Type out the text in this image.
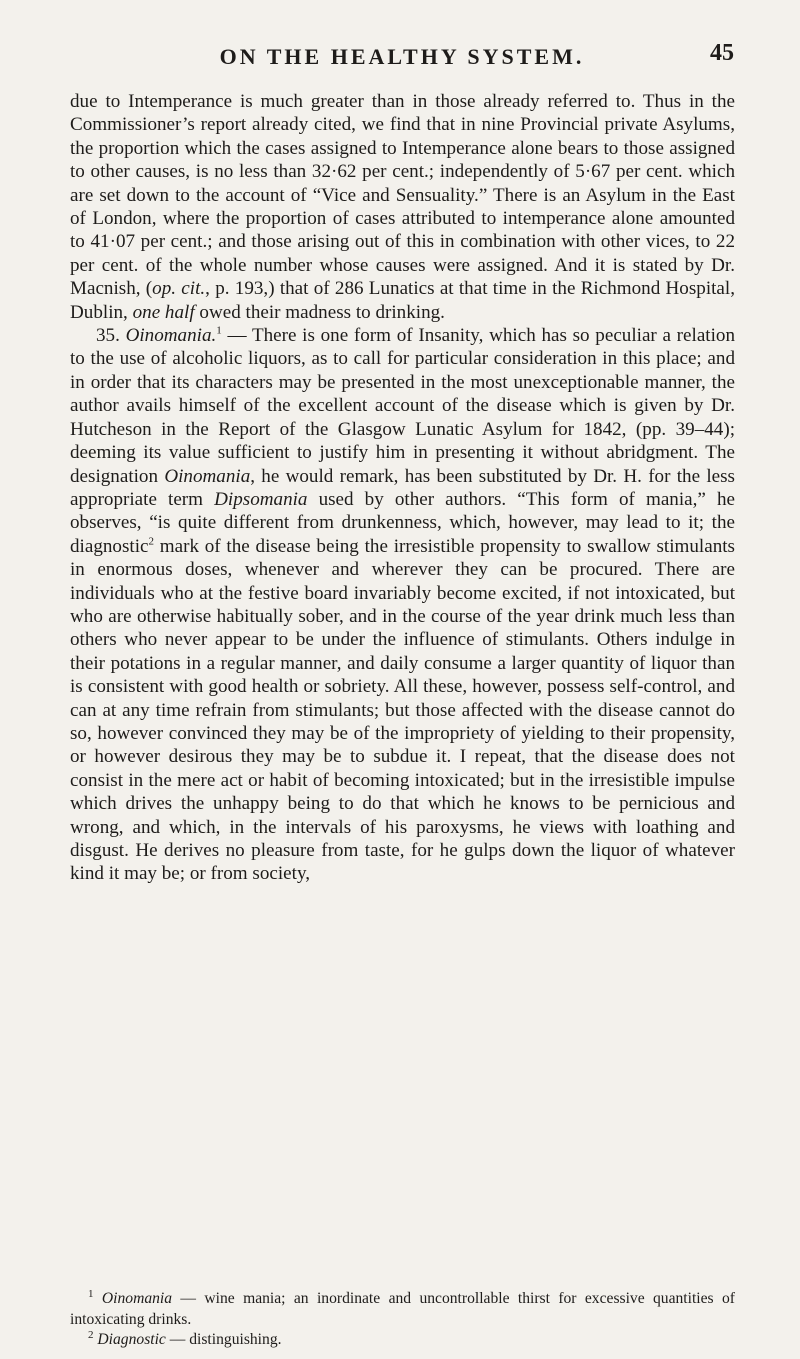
ON THE HEALTHY SYSTEM.	45

due to Intemperance is much greater than in those already referred to. Thus in the Commissioner’s report already cited, we find that in nine Provincial private Asylums, the proportion which the cases assigned to Intemperance alone bears to those assigned to other causes, is no less than 32·62 per cent.; independently of 5·67 per cent. which are set down to the account of “Vice and Sensuality.” There is an Asylum in the East of London, where the proportion of cases attributed to intemperance alone amounted to 41·07 per cent.; and those arising out of this in combination with other vices, to 22 per cent. of the whole number whose causes were assigned. And it is stated by Dr. Macnish, (op. cit., p. 193,) that of 286 Lunatics at that time in the Richmond Hospital, Dublin, one half owed their madness to drinking.

35. Oinomania.$^1$ — There is one form of Insanity, which has so peculiar a relation to the use of alcoholic liquors, as to call for particular consideration in this place; and in order that its characters may be presented in the most unexceptionable manner, the author avails himself of the excellent account of the disease which is given by Dr. Hutcheson in the Report of the Glasgow Lunatic Asylum for 1842, (pp. 39–44); deeming its value sufficient to justify him in presenting it without abridgment. The designation Oinomania, he would remark, has been substituted by Dr. H. for the less appropriate term Dipsomania used by other authors. “This form of mania,” he observes, “is quite different from drunkenness, which, however, may lead to it; the diagnostic$^2$ mark of the disease being the irresistible propensity to swallow stimulants in enormous doses, whenever and wherever they can be procured. There are individuals who at the festive board invariably become excited, if not intoxicated, but who are otherwise habitually sober, and in the course of the year drink much less than others who never appear to be under the influence of stimulants. Others indulge in their potations in a regular manner, and daily consume a larger quantity of liquor than is consistent with good health or sobriety. All these, however, possess self-control, and can at any time refrain from stimulants; but those affected with the disease cannot do so, however convinced they may be of the impropriety of yielding to their propensity, or however desirous they may be to subdue it. I repeat, that the disease does not consist in the mere act or habit of becoming intoxicated; but in the irresistible impulse which drives the unhappy being to do that which he knows to be pernicious and wrong, and which, in the intervals of his paroxysms, he views with loathing and disgust. He derives no pleasure from taste, for he gulps down the liquor of whatever kind it may be; or from society,

$^1$ Oinomania — wine mania; an inordinate and uncontrollable thirst for excessive quantities of intoxicating drinks.

$^2$ Diagnostic — distinguishing.
